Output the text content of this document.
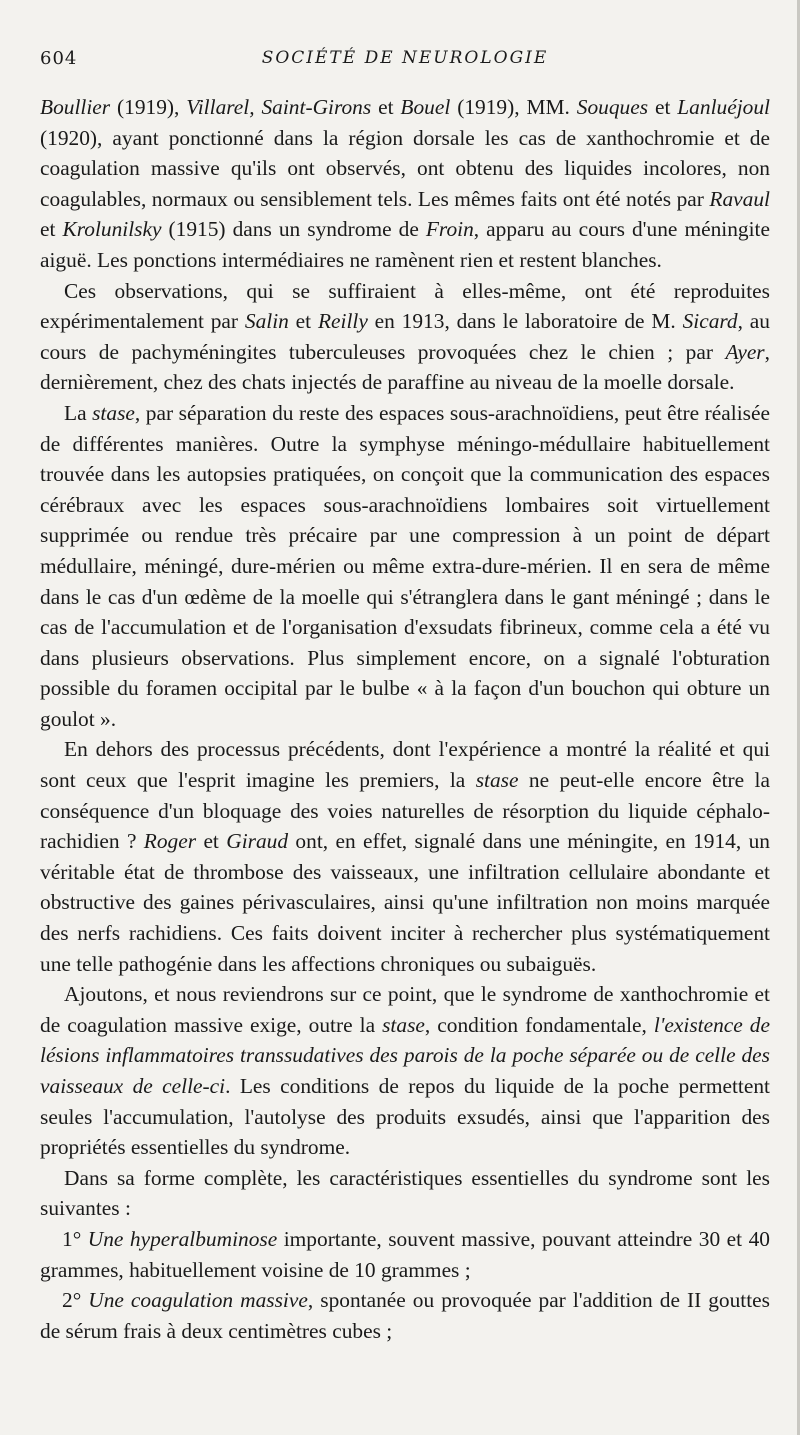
604	SOCIÉTÉ DE NEUROLOGIE

Boullier (1919), Villarel, Saint-Girons et Bouel (1919), MM. Souques et Lanluéjoul (1920), ayant ponctionné dans la région dorsale les cas de xanthochromie et de coagulation massive qu'ils ont observés, ont obtenu des liquides incolores, non coagulables, normaux ou sensiblement tels. Les mêmes faits ont été notés par Ravaul et Krolunilsky (1915) dans un syndrome de Froin, apparu au cours d'une méningite aiguë. Les ponctions intermédiaires ne ramènent rien et restent blanches.

Ces observations, qui se suffiraient à elles-même, ont été reproduites expérimentalement par Salin et Reilly en 1913, dans le laboratoire de M. Sicard, au cours de pachyméningites tuberculeuses provoquées chez le chien ; par Ayer, dernièrement, chez des chats injectés de paraffine au niveau de la moelle dorsale.

La stase, par séparation du reste des espaces sous-arachnoïdiens, peut être réalisée de différentes manières. Outre la symphyse méningo-médullaire habituellement trouvée dans les autopsies pratiquées, on conçoit que la communication des espaces cérébraux avec les espaces sous-arachnoïdiens lombaires soit virtuellement supprimée ou rendue très précaire par une compression à un point de départ médullaire, méningé, dure-mérien ou même extra-dure-mérien. Il en sera de même dans le cas d'un œdème de la moelle qui s'étranglera dans le gant méningé ; dans le cas de l'accumulation et de l'organisation d'exsudats fibrineux, comme cela a été vu dans plusieurs observations. Plus simplement encore, on a signalé l'obturation possible du foramen occipital par le bulbe « à la façon d'un bouchon qui obture un goulot ».

En dehors des processus précédents, dont l'expérience a montré la réalité et qui sont ceux que l'esprit imagine les premiers, la stase ne peut-elle encore être la conséquence d'un bloquage des voies naturelles de résorption du liquide céphalo-rachidien ? Roger et Giraud ont, en effet, signalé dans une méningite, en 1914, un véritable état de thrombose des vaisseaux, une infiltration cellulaire abondante et obstructive des gaines périvasculaires, ainsi qu'une infiltration non moins marquée des nerfs rachidiens. Ces faits doivent inciter à rechercher plus systématiquement une telle pathogénie dans les affections chroniques ou subaiguës.

Ajoutons, et nous reviendrons sur ce point, que le syndrome de xanthochromie et de coagulation massive exige, outre la stase, condition fondamentale, l'existence de lésions inflammatoires transsudatives des parois de la poche séparée ou de celle des vaisseaux de celle-ci. Les conditions de repos du liquide de la poche permettent seules l'accumulation, l'autolyse des produits exsudés, ainsi que l'apparition des propriétés essentielles du syndrome.

Dans sa forme complète, les caractéristiques essentielles du syndrome sont les suivantes :

1° Une hyperalbuminose importante, souvent massive, pouvant atteindre 30 et 40 grammes, habituellement voisine de 10 grammes ;

2° Une coagulation massive, spontanée ou provoquée par l'addition de II gouttes de sérum frais à deux centimètres cubes ;
